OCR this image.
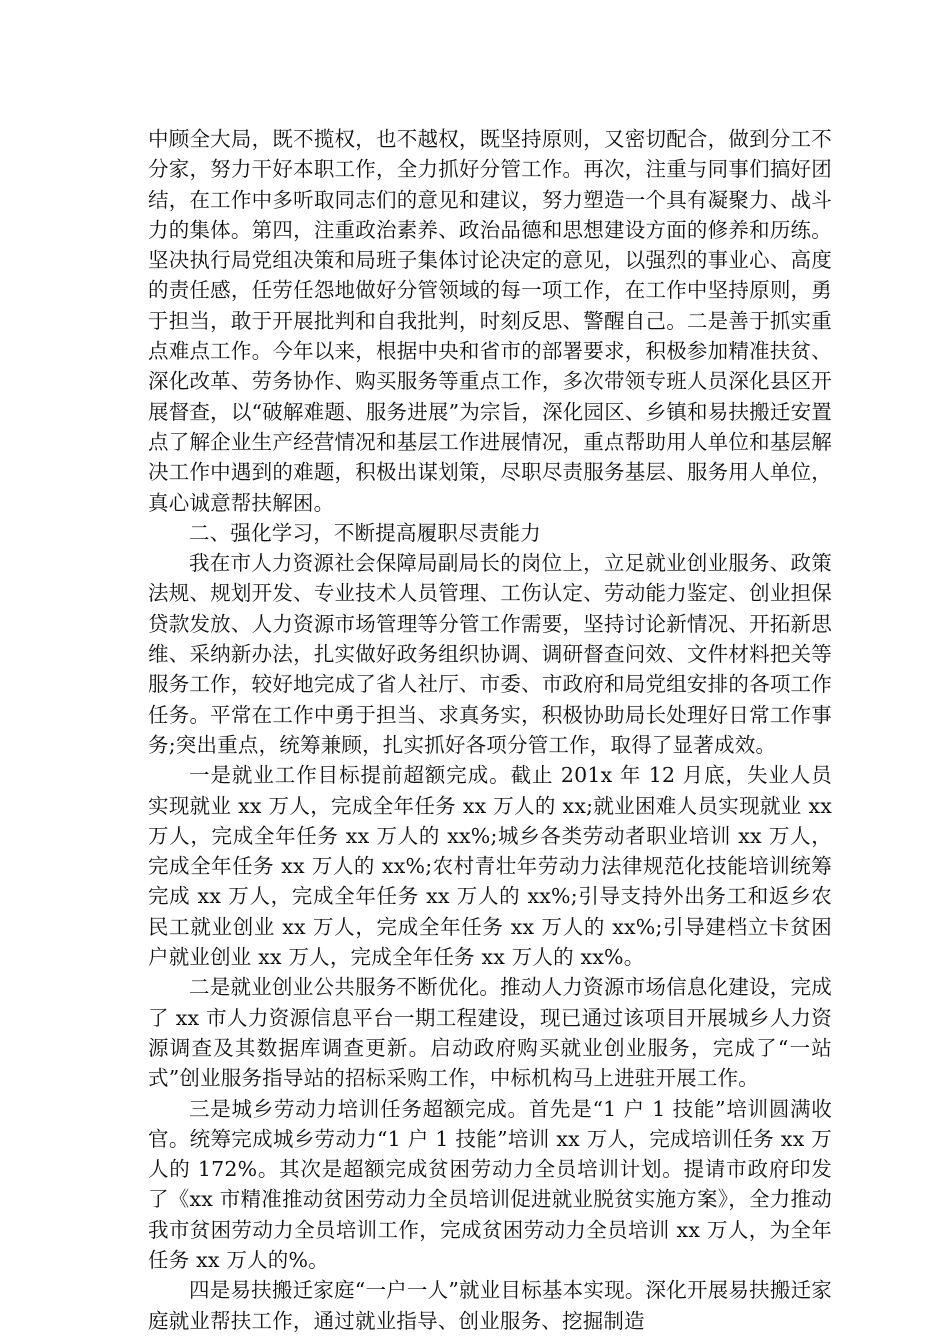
中顾全大局，既不揽权，也不越权，既坚持原则，又密切配合，做到分工不分家，努力干好本职工作，全力抓好分管工作。再次，注重与同事们搞好团结，在工作中多听取同志们的意见和建议，努力塑造一个具有凝聚力、战斗力的集体。第四，注重政治素养、政治品德和思想建设方面的修养和历练。坚决执行局党组决策和局班子集体讨论决定的意见，以强烈的事业心、高度的责任感，任劳任怨地做好分管领域的每一项工作，在工作中坚持原则，勇于担当，敢于开展批判和自我批判，时刻反思、警醒自己。二是善于抓实重点难点工作。今年以来，根据中央和省市的部署要求，积极参加精准扶贫、深化改革、劳务协作、购买服务等重点工作，多次带领专班人员深化县区开展督查，以“破解难题、服务进展”为宗旨，深化园区、乡镇和易扶搬迁安置点了解企业生产经营情况和基层工作进展情况，重点帮助用人单位和基层解决工作中遇到的难题，积极出谋划策，尽职尽责服务基层、服务用人单位，真心诚意帮扶解困。

二、强化学习，不断提高履职尽责能力

我在市人力资源社会保障局副局长的岗位上，立足就业创业服务、政策法规、规划开发、专业技术人员管理、工伤认定、劳动能力鉴定、创业担保贷款发放、人力资源市场管理等分管工作需要，坚持讨论新情况、开拓新思维、采纳新办法，扎实做好政务组织协调、调研督查问效、文件材料把关等服务工作，较好地完成了省人社厅、市委、市政府和局党组安排的各项工作任务。平常在工作中勇于担当、求真务实，积极协助局长处理好日常工作事务;突出重点，统筹兼顾，扎实抓好各项分管工作，取得了显著成效。

一是就业工作目标提前超额完成。截止 201x 年 12 月底，失业人员实现就业 xx 万人，完成全年任务 xx 万人的 xx;就业困难人员实现就业 xx 万人，完成全年任务 xx 万人的 xx%;城乡各类劳动者职业培训 xx 万人，完成全年任务 xx 万人的 xx%;农村青壮年劳动力法律规范化技能培训统筹完成 xx 万人，完成全年任务 xx 万人的 xx%;引导支持外出务工和返乡农民工就业创业 xx 万人，完成全年任务 xx 万人的 xx%;引导建档立卡贫困户就业创业 xx 万人，完成全年任务 xx 万人的 xx%。

二是就业创业公共服务不断优化。推动人力资源市场信息化建设，完成了 xx 市人力资源信息平台一期工程建设，现已通过该项目开展城乡人力资源调查及其数据库调查更新。启动政府购买就业创业服务，完成了“一站式”创业服务指导站的招标采购工作，中标机构马上进驻开展工作。

三是城乡劳动力培训任务超额完成。首先是“1 户 1 技能”培训圆满收官。统筹完成城乡劳动力“1 户 1 技能”培训 xx 万人，完成培训任务 xx 万人的 172%。其次是超额完成贫困劳动力全员培训计划。提请市政府印发了《xx 市精准推动贫困劳动力全员培训促进就业脱贫实施方案》，全力推动我市贫困劳动力全员培训工作，完成贫困劳动力全员培训 xx 万人，为全年任务 xx 万人的%。

四是易扶搬迁家庭“一户一人”就业目标基本实现。深化开展易扶搬迁家庭就业帮扶工作，通过就业指导、创业服务、挖掘制造
